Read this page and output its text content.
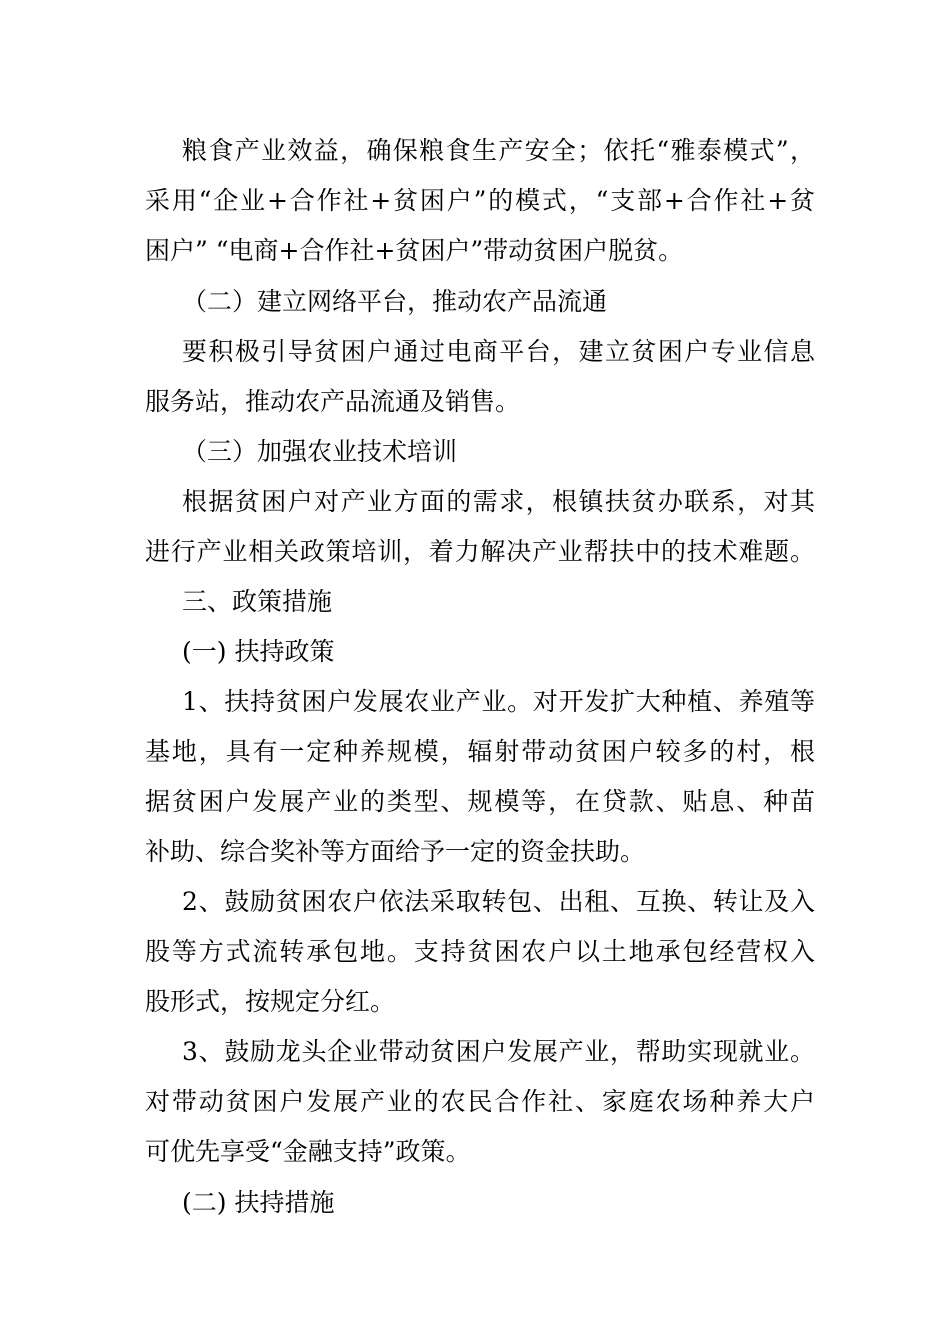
粮食产业效益，确保粮食生产安全；依托“雅泰模式”，
采用“企业+合作社+贫困户”的模式，“支部+合作社+贫
困户” “电商+合作社+贫困户”带动贫困户脱贫。
（二）建立网络平台，推动农产品流通
要积极引导贫困户通过电商平台，建立贫困户专业信息
服务站，推动农产品流通及销售。
（三）加强农业技术培训
根据贫困户对产业方面的需求，根镇扶贫办联系，对其
进行产业相关政策培训，着力解决产业帮扶中的技术难题。
三、政策措施
(一) 扶持政策
1、扶持贫困户发展农业产业。对开发扩大种植、养殖等
基地，具有一定种养规模，辐射带动贫困户较多的村，根
据贫困户发展产业的类型、规模等，在贷款、贴息、种苗
补助、综合奖补等方面给予一定的资金扶助。
2、鼓励贫困农户依法采取转包、出租、互换、转让及入
股等方式流转承包地。支持贫困农户以土地承包经营权入
股形式，按规定分红。
3、鼓励龙头企业带动贫困户发展产业，帮助实现就业。
对带动贫困户发展产业的农民合作社、家庭农场种养大户
可优先享受“金融支持”政策。
(二) 扶持措施
